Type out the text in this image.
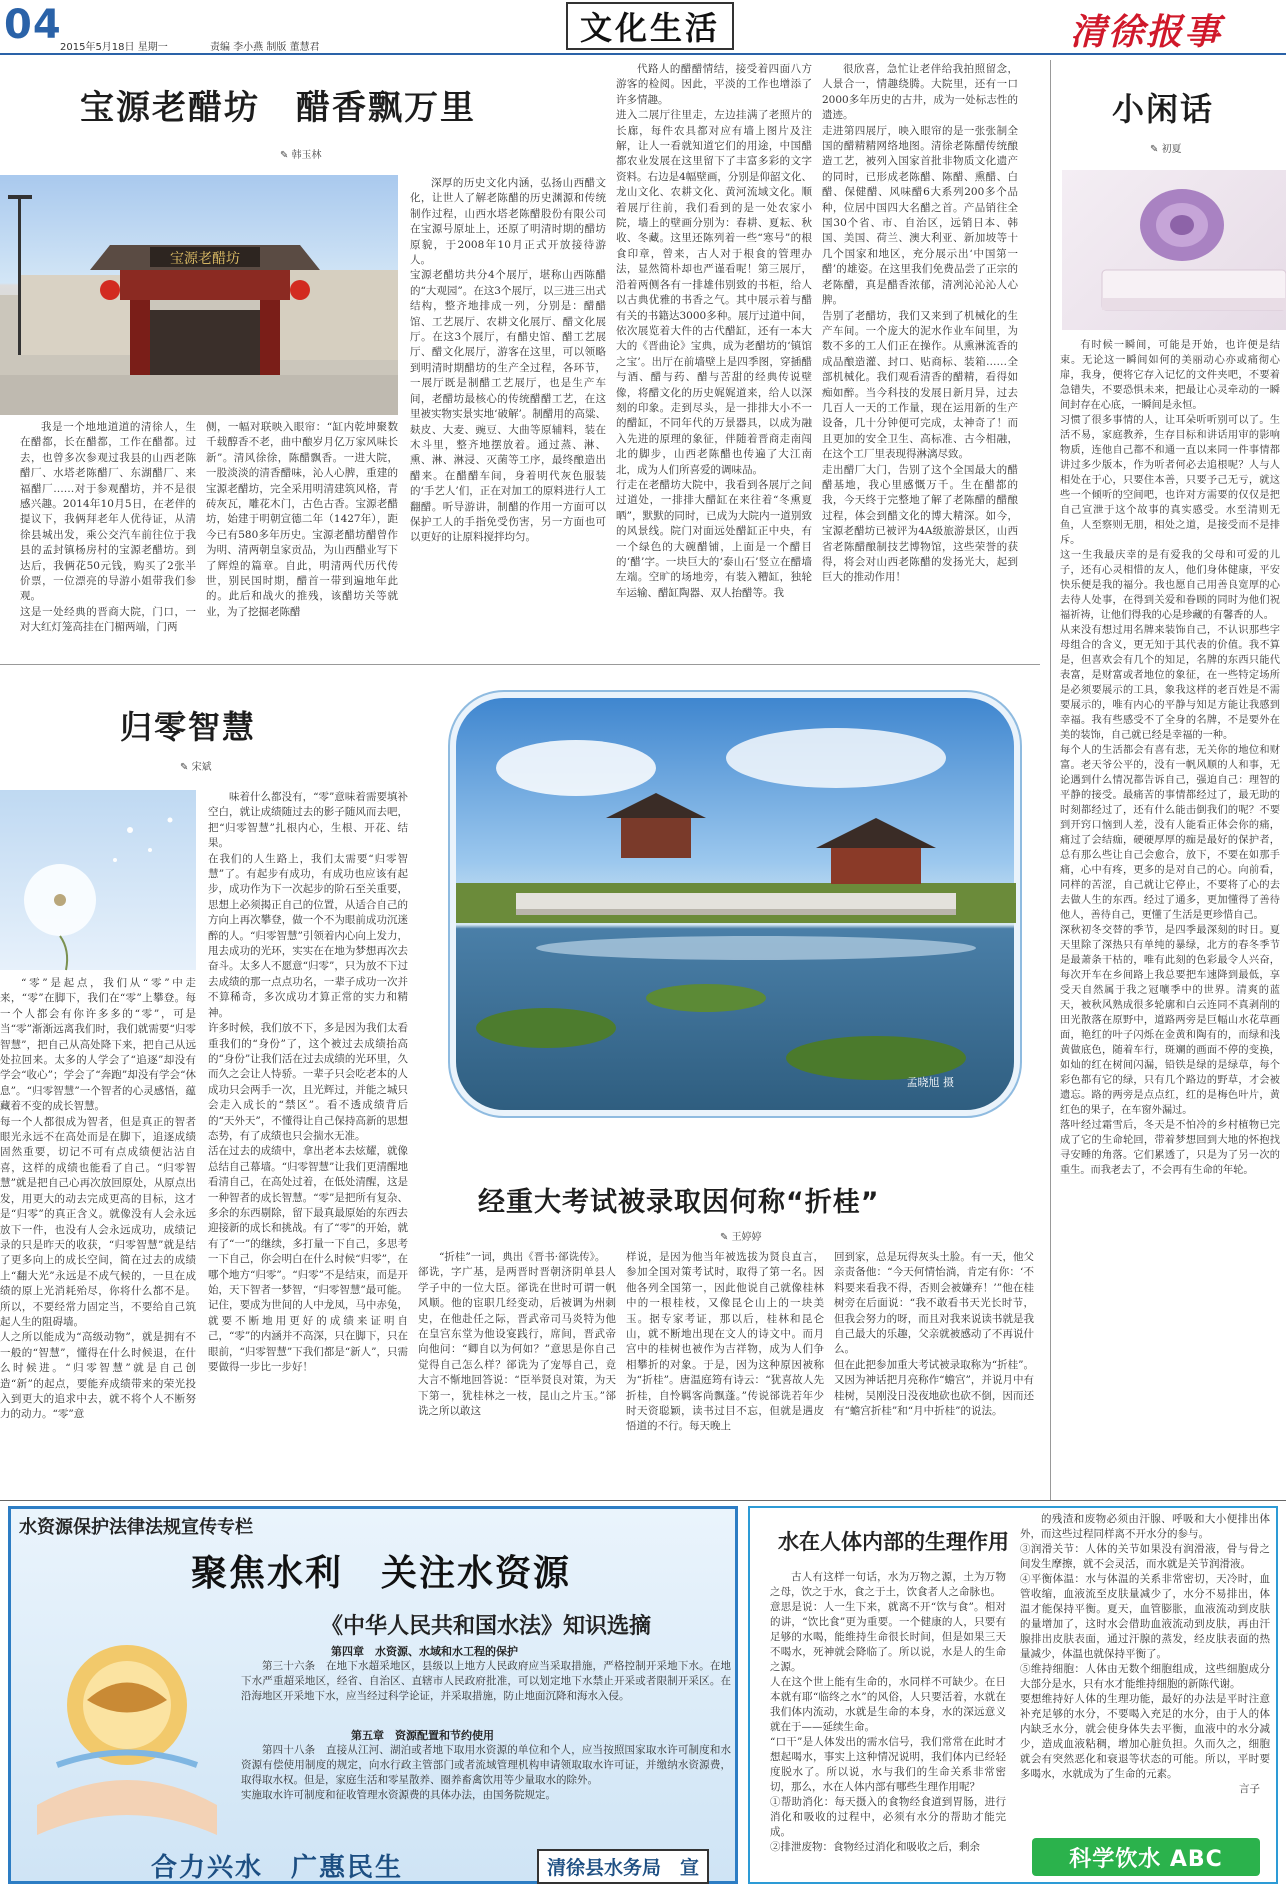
04
2015年5月18日 星期一	责编 李小燕 制版 董慧君
文化生活	清徐报事
宝源老醋坊　醋香飘万里
✎ 韩玉林
宝源老醋坊
我是一个地地道道的清徐人，生在醋都，长在醋都，工作在醋都。过去，也曾多次参观过我县的山西老陈醋厂、水塔老陈醋厂、东湖醋厂、来福醋厂……对于参观醋坊，并不是很感兴趣。2014年10月5日，在老伴的提议下，我俩拜老年人优待证，从清徐县城出发，乘公交汽车前往位于我县的孟封镇杨房村的宝源老醋坊。到达后，我俩花50元钱，购买了2张半价票，一位漂亮的导游小姐带我们参观。
这是一处经典的晋商大院，门口，一对大红灯笼高挂在门楣两端，门两
侧，一幅对联映入眼帘：“缸内乾坤聚数千载醇香不老，曲中酿岁月亿万家风味长新”。清风徐徐，陈醋飘香。一进大院，一股淡淡的清香醋味，沁人心脾，重建的宝源老醋坊，完全采用明清建筑风格，青砖灰瓦，雕花木门，古色古香。宝源老醋坊，始建于明朝宣德二年（1427年），距今已有580多年历史。宝源老醋坊醋曾作为明、清两朝皇家贡品，为山西醋业写下了辉煌的篇章。自此，明清两代历代传世，别民国时期，醋首一带到遍地年此的。此后和战火的推残，该醋坊关等就业，为了挖掘老陈醋
深厚的历史文化内涵，弘扬山西醋文化，让世人了解老陈醋的历史渊源和传统制作过程，山西水塔老陈醋股份有限公司在宝源号原址上，还原了明清时期的醋坊原貌，于2008年10月正式开放接待游人。
宝源老醋坊共分4个展厅，堪称山西陈醋的“大观园”。在这3个展厅，以三进三出式结构，整齐地排成一列，分别是：醋醋馆、工艺展厅、农耕文化展厅、醋文化展厅。在这3个展厅，有醋史馆、醋工艺展厅、醋文化展厅，游客在这里，可以领略到明清时期醋坊的生产全过程，各环节，一展厅既是制醋工艺展厅，也是生产车间，老醋坊最核心的传统醋醋工艺，在这里被实物实景实地‘破解’。制醋用的高粱、麸皮、大麦、豌豆、大曲等原辅料，装在木斗里，整齐地摆放着。通过蒸、淋、熏、淋、淋浸、灭菌等工序，最终酿造出醋来。在醋醋车间，身着明代灰色服装的‘手艺人’们，正在对加工的原料进行人工翻醋。听导游讲，制醋的作用一方面可以保护工人的手指免受伤害，另一方面也可以更好的让原料搅拌均匀。
代路人的醋醋情结，接受着四面八方游客的检阅。因此，平淡的工作也增添了许多情趣。
进入二展厅往里走，左边挂满了老照片的长廊，每件农具都对应有墙上图片及注解，让人一看就知道它们的用途，中国醋都农业发展在这里留下了丰富多彩的文字资料。右边是4幅壁画，分别是仰韶文化、龙山文化、农耕文化、黄河流域文化。顺着展厅往前，我们看到的是一处农家小院，墙上的壁画分别为：春耕、夏耘、秋收、冬藏。这里还陈列着一些“寒号”的根食印章，曾来，古人对于根食的管理办法，显然简朴却也严谨看呢！第三展厅，沿着两侧各有一排雄伟别致的书柜，给人以古典优雅的书香之气。其中展示着与醋有关的书籍达3000多种。展厅过道中间，依次展览着大件的古代醋缸，还有一本大大的《晋曲论》宝典，成为老醋坊的‘镇馆之宝’。出厅在前墙壁上是四季图，穿插醋与酒、醋与药、醋与苦甜的经典传说壁像，将醋文化的历史娓娓道来，给人以深刻的印象。走到尽头，是一排排大小不一的醋缸，不同年代的万景器具，以成为融入先进的原理的象征，伴随着晋商走南闯北的脚步，山西老陈醋也传遍了大江南北，成为人们所喜爱的调味品。
行走在老醋坊大院中，我看到各展厅之间过道处，一排排大醋缸在来往着“冬熏夏晒”，默默的同时，已成为大院内一道别致的风景线。院门对面远处醋缸正中央，有一个绿色的大碗醋铺，上面是一个醋目的‘醋’字。一块巨大的‘泰山石’竖立在醋墙左端。空旷的场地旁，有装入糟缸，独轮车运输、醋缸陶器、双人抬醋等。我
很欣喜，急忙让老伴给我拍照留念，人景合一，情趣绕腾。大院里，还有一口2000多年历史的古井，成为一处标志性的遗迹。
走进第四展厅，映入眼帘的是一张张制全国的醋精精网络地图。清徐老陈醋传统酿造工艺，被列入国家首批非物质文化遗产的同时，已形成老陈醋、陈醋、熏醋、白醋、保健醋、风味醋6大系列200多个品种，位居中国四大名醋之首。产品销往全国30个省、市、自治区，远销日本、韩国、美国、荷兰、澳大利亚、新加坡等十几个国家和地区，充分展示出‘中国第一醋’的雄姿。在这里我们免费品尝了正宗的老陈醋，真是醋香浓郁，清冽沁沁沁人心脾。
告别了老醋坊，我们又来到了机械化的生产车间。一个庞大的泥水作业车间里，为数不多的工人们正在操作。从熏淋流香的成品酿造灌、封口、贴商标、装箱……全部机械化。我们观看清香的醋精，看得如痴如醉。当今科技的发展日新月异，过去几百人一天的工作量，现在运用新的生产设备，几十分钟便可完成，太神奇了！而且更加的安全卫生、高标准、古今相融，在这个工厂里表现得淋漓尽致。
走出醋厂大门，告别了这个全国最大的醋醋基地，我心里感慨万千。生在醋都的我，今天终于完整地了解了老陈醋的醋酿过程，体会到醋文化的博大精深。如今，宝源老醋坊已被评为4A级旅游景区，山西省老陈醋酿制技艺博物馆，这些荣誉的获得，将会对山西老陈醋的发扬光大，起到巨大的推动作用！
小闲话
✎ 初夏
有时候一瞬间，可能是开始，也许便是结束。无论这一瞬间如何的美丽动心亦或痛彻心扉，我身，便将它存入记忆的文件夹吧，不要着急错失，不要恐惧未来，把最让心灵牵动的一瞬间封存在心底，一瞬间是永恒。
习惯了很多事情的人，让耳朵听听别可以了。生活不易，家庭教养，生存目标和讲话用审的影响物质，连他自己都不和通一直以来同一件事情都讲过多少版本，作为听者何必去追根呢？人与人相处在于心，只要住本善，只要予己无亏，就这些一个倾听的空间吧，也许对方需要的仅仅是把自己宣泄于这个故事的真实感受。水至清则无鱼，人至察则无朋，相处之道，是接受而不是排斥。
这一生我最庆幸的是有爱我的父母和可爱的儿子，还有心灵相惜的友人，他们身体健康，平安快乐便是我的福分。我也愿自己用善良宽厚的心去待人处事，在得到关爱和眷顾的同时为他们祝福祈祷，让他们得我的心是珍藏的有馨香的人。
从来没有想过用名牌来装饰自己，不认识那些字母组合的含义，更无知于其代表的价值。我不算是，但喜欢会有几个的知足，名牌的东西只能代表富，是财富或者地位的象征，在一些特定场所是必须要展示的工具，象我这样的老百姓是不需要展示的，唯有内心的平静与知足方能让我感到幸福。我有些感受不了全身的名牌，不是要外在美的装饰，自己就已经是幸福的一种。
每个人的生活都会有喜有悲，无关你的地位和财富。老天爷公平的，没有一帆风顺的人和事，无论遇到什么情况都告诉自己，强迫自己：理智的平静的接受。最痛苦的事情都经过了，最无助的时刻都经过了，还有什么能击倒我们的呢？不要到开窍口恼到人差，没有人能看正体会你的痛，痛过了会结痂，硬硬厚厚的痂是最好的保护者，总有那么些让自己会愈合，放下，不要在如那手痛，心中有疼，更多的是对自己的心。向前看，同样的苦涩，自己就让它停止，不要将了心的去去做人生的东西。经过了通多，更加懂得了善待他人，善待自己，更懂了生活是更珍惜自己。
深秋初冬交替的季节，是四季最深刻的时日。夏天里除了深热只有单纯的暴绿，北方的春冬季节是最萧条干枯的，唯有此刻的色彩最令人兴奋，每次开车在乡间路上我总要把车速降到最低，享受天自然属于我之冠嚷季中的世界。清爽的蓝天，被秋风熟成很多轮廓和白云连同不真剥削的田光散落在原野中，道路两旁是巨幅山水花草画面，艳红的叶子闪烁在金黄和陶有的，而绿和浅黄做底色，随着车行，斑斓的画面不停的变换，如灿的红在树间闪漏，铅铁是绿的是绿草，每个彩色都有它的绿，只有几个路边的野草，才会被遗忘。路的两旁是点点红，红的是梅色叶片，黄红色的果子，在车窗外漏过。
落叶经过霜雪后，冬天是不怕冷的乡村植物已完成了它的生命轮回，带着梦想回到大地的怀抱找寻安睡的角落。它们累透了，只是为了另一次的重生。而我老去了，不会再有生命的年轮。
归零智慧
✎ 宋斌
“零”是起点，我们从“零”中走来，“零”在脚下，我们在“零”上攀登。每一个人都会有你许多多的“零”，可是当“零”渐渐远离我们时，我们就需要“归零智慧”，把自己从高处降下来，把自己从远处拉回来。太多的人学会了“追逐”却没有学会“收心”；学会了“奔跑”却没有学会“休息”。“归零智慧”一个智者的心灵感悟，蕴藏着不变的成长智慧。
每一个人都很成为智者，但是真正的智者眼光永远不在高处而是在脚下，追逐成绩固然重要，切记不可有点成绩便沾沾自喜，这样的成绩也能看了自己。“归零智慧”就是把自己心再次放回原处，从原点出发，用更大的动去完成更高的目标，这才是“归零”的真正含义。就像没有人会永远放下一件，也没有人会永远成功，成绩记录的只是昨天的收获，“归零智慧”就是结了更多向上的成长空间，简在过去的成绩上“翻大光”永远是不成气候的，一旦在成绩的原上光消耗殆尽，你将什么都不是。所以，不要经常力固定当，不要给自己筑起人生的阻碍墙。
人之所以能成为“高级动物”，就是拥有不一般的“智慧”，懂得在什么时候退，在什么时候进。“归零智慧”就是自己创造“新”的起点，要能弃成绩带来的荣光投入到更大的追求中去，就不将个人不断努力的动力。“零”意
味着什么都没有，“零”意味着需要填补空白，就让成绩随过去的影子随风而去吧，把“归零智慧”扎根内心，生根、开花、结果。
在我们的人生路上，我们太需要“归零智慧”了。有起步有成功，有成功也应该有起步，成功作为下一次起步的阶石至关重要，思想上必须揭正自己的位置，从适合自己的方向上再次攀登，做一个不为眼前成功沉迷醉的人。“归零智慧”引领着内心向上发力，甩去成功的光环，实实在在地为梦想再次去奋斗。太多人不愿意“归零”，只为放不下过去成绩的那一点点功名，一辈子成功一次并不算稀奇，多次成功才算正常的实力和精神。
许多时候，我们放不下，多是因为我们太看重我们的“身份”了，这个被过去成绩抬高的“身份”让我们活在过去成绩的光环里，久而久之会让人恃骄。一辈子只会吃老本的人成功只会两手一次，且光辉过，并能之城只会走入成长的“禁区”。看不透成绩背后的“天外天”，不懂得让自己保持高新的思想态势，有了成绩也只会揣水无准。
活在过去的成绩中，拿出老本去炫耀，就像总结自己幕墙。“归零智慧”让我们更清醒地看清自己，在高处过着，在低处清醒，这是一种智者的成长智慧。“零”是把所有复杂、多余的东西剔除，留下最真最原始的东西去迎接新的成长和挑战。有了“零”的开始，就有了“一”的继续，多打量一下自己，多思考一下自己，你会明白在什么时候“归零”，在哪个地方“归零”。“归零”不是结束，而是开始，天下智者一梦智，“归零智慧”最可能。
记住，要成为世间的人中龙凤，马中赤兔，就要不断地用更好的成绩来证明自己，“零”的内涵并不高深，只在脚下，只在眼前，“归零智慧”下我们都是“新人”，只需要做得一步比一步好！
孟晓旭 摄
经重大考试被录取因何称“折桂”
✎ 王婷婷
“折桂”一词，典出《晋书·郤诜传》。
郤诜，字广基，是两晋时晋朝济阴单县人学子中的一位大臣。郤诜在世时可谓一帆风顺。他的宦职几经变动，后被调为州刺史，在他赴任之际，晋武帝司马炎特为他在皇宫东堂为他设宴践行，席间，晋武帝向他问：“卿自以为何如？”意思是你自己觉得自己怎么样？郤诜为了宠辱自己，竟大言不惭地回答说：“臣举贤良对策，为天下第一，犹桂林之一枝，昆山之片玉。”郤诜之所以敢这
样说，是因为他当年被选拔为贤良直言，参加全国对策考试时，取得了第一名。因他各列全国第一，因此他说自己就像桂林中的一根桂枝，又像昆仑山上的一块美玉。据专家考证，那以后，桂林和昆仑山，就不断地出现在文人的诗文中。而月宫中的桂树也被作为吉祥物，成为人们争相攀折的对象。于是，因为这种原因被称为“折桂”。唐温庭筠有诗云：“犹喜故人先折桂，自怜羁客尚飘蓬。”传说郤诜若年少时天资聪颖，读书过目不忘，但就是遇皮悟道的不行。每天晚上
回到家，总是玩得灰头土脸。有一天，他父亲责备他：“今天何情怡淌，肯定有你：‘不料要来看我不得，否则会被嫌弃！’”他在桂树旁在后面说：“我不敢看书天光长时节，但我会努力的呀，而且对我来说读书就是我自己最大的乐趣，父亲就被感动了不再说什么。
但在此把参加重大考试被录取称为“折桂”。又因为神话把月亮称作“蟾宫”，并说月中有桂树，吴刚没日没夜地砍也砍不倒，因而还有“蟾宫折桂”和“月中折桂”的说法。
水资源保护法律法规宣传专栏
聚焦水利　关注水资源
《中华人民共和国水法》知识选摘
第四章　水资源、水域和水工程的保护
第三十六条　在地下水超采地区，县级以上地方人民政府应当采取措施，严格控制开采地下水。在地下水严重超采地区，经省、自治区、直辖市人民政府批准，可以划定地下水禁止开采或者限制开采区。在沿海地区开采地下水，应当经过科学论证，并采取措施，防止地面沉降和海水入侵。
第五章　资源配置和节约使用
第四十八条　直接从江河、湖泊或者地下取用水资源的单位和个人，应当按照国家取水许可制度和水资源有偿使用制度的规定，向水行政主管部门或者流域管理机构申请领取取水许可证，并缴纳水资源费，取得取水权。但是，家庭生活和零星散养、圈养畜禽饮用等少量取水的除外。
实施取水许可制度和征收管理水资源费的具体办法，由国务院规定。
合力兴水　广惠民生	清徐县水务局　宣
水在人体内部的生理作用
古人有这样一句话，水为万物之源，土为万物之母，饮之于水，食之于土，饮食者人之命脉也。
意思是说：人一生下来，就离不开“饮与食”。相对的讲，“饮比食”更为重要。一个健康的人，只要有足够的水喝，能维持生命很长时间，但是如果三天不喝水，死神就会降临了。所以说，水是人的生命之源。
人在这个世上能有生命的，水同样不可缺少。在日本就有耶“临终之水”的风俗，人只要活着，水就在我们体内流动，水就是生命的本身，水的深远意义就在于——延续生命。
“口干”是人体发出的需水信号，我们常常在此时才想起喝水，事实上这种情况说明，我们体内已经轻度脱水了。所以说，水与我们的生命关系非常密切，那么，水在人体内部有哪些生理作用呢？
①帮助消化：每天摄入的食物经食道到胃肠，进行消化和吸收的过程中，必须有水分的帮助才能完成。
②排泄废物：食物经过消化和吸收之后，剩余
的残渣和废物必须由汗腺、呼吸和大小便排出体外，而这些过程同样离不开水分的参与。
③润滑关节：人体的关节如果没有润滑液，骨与骨之间发生摩擦，就不会灵活，而水就是关节润滑液。
④平衡体温：水与体温的关系非常密切，天冷时，血管收缩，血液流至皮肤量减少了，水分不易排出，体温才能保持平衡。夏天，血管膨胀，血液流动到皮肤的量增加了，这时水会借助血液流动到皮肤，再由汗腺排出皮肤表面，通过汗腺的蒸发，经皮肤表面的热量减少，体温也就保持平衡了。
⑤维持细胞：人体由无数个细胞组成，这些细胞成分大部分是水，只有水才能维持细胞的新陈代谢。
要想维持好人体的生理功能，最好的办法是平时注意补充足够的水分，不要喝入充足的水分，由于人的体内缺乏水分，就会使身体失去平衡，血液中的水分减少，造成血液粘稠，增加心脏负担。久而久之，细胞就会有突然恶化和衰退等状态的可能。所以，平时要多喝水，水就成为了生命的元素。
言子
科学饮水 ABC
